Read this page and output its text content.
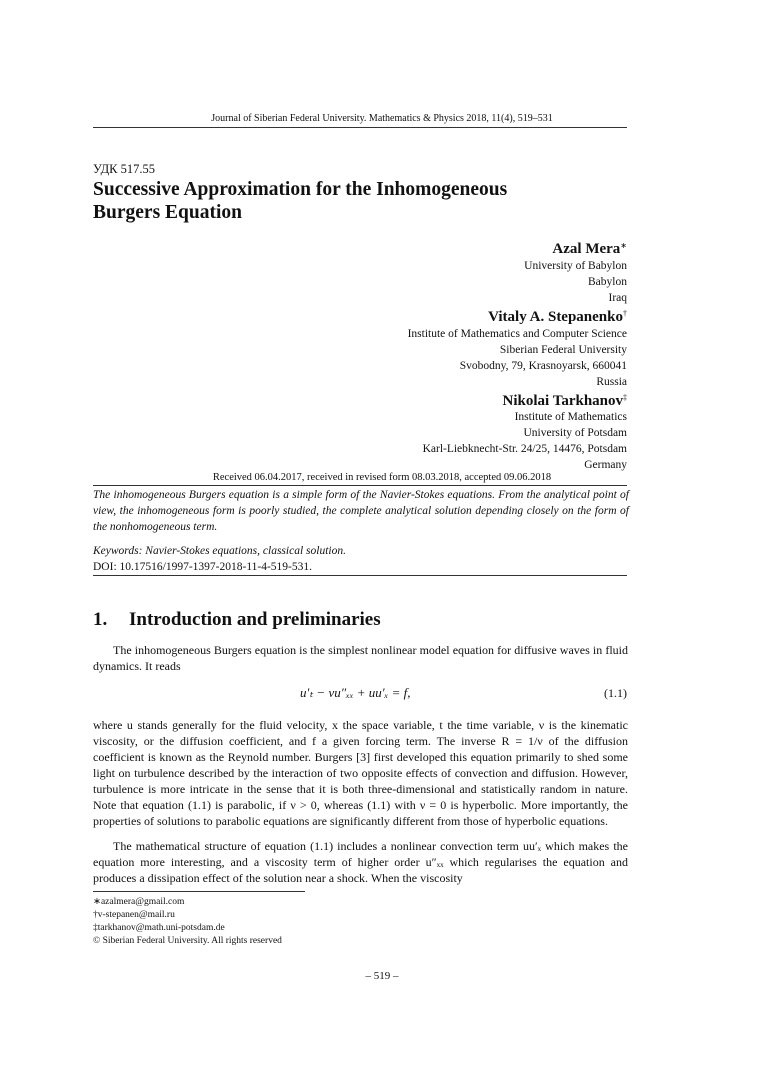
Journal of Siberian Federal University. Mathematics & Physics 2018, 11(4), 519–531
УДК 517.55
Successive Approximation for the Inhomogeneous
Burgers Equation
Azal Mera∗
University of Babylon
Babylon
Iraq
Vitaly A. Stepanenko†
Institute of Mathematics and Computer Science
Siberian Federal University
Svobodny, 79, Krasnoyarsk, 660041
Russia
Nikolai Tarkhanov‡
Institute of Mathematics
University of Potsdam
Karl-Liebknecht-Str. 24/25, 14476, Potsdam
Germany
Received 06.04.2017, received in revised form 08.03.2018, accepted 09.06.2018
The inhomogeneous Burgers equation is a simple form of the Navier-Stokes equations. From the analytical point of view, the inhomogeneous form is poorly studied, the complete analytical solution depending closely on the form of the nonhomogeneous term.
Keywords: Navier-Stokes equations, classical solution.
DOI: 10.17516/1997-1397-2018-11-4-519-531.
1. Introduction and preliminaries
The inhomogeneous Burgers equation is the simplest nonlinear model equation for diffusive waves in fluid dynamics. It reads
u′ₜ − νu″ₓₓ + uu′ₓ = f,	(1.1)
where u stands generally for the fluid velocity, x the space variable, t the time variable, ν is the kinematic viscosity, or the diffusion coefficient, and f a given forcing term. The inverse R = 1/ν of the diffusion coefficient is known as the Reynold number. Burgers [3] first developed this equation primarily to shed some light on turbulence described by the interaction of two opposite effects of convection and diffusion. However, turbulence is more intricate in the sense that it is both three-dimensional and statistically random in nature. Note that equation (1.1) is parabolic, if ν > 0, whereas (1.1) with ν = 0 is hyperbolic. More importantly, the properties of solutions to parabolic equations are significantly different from those of hyperbolic equations.
The mathematical structure of equation (1.1) includes a nonlinear convection term uu′ₓ which makes the equation more interesting, and a viscosity term of higher order u″ₓₓ which regularises the equation and produces a dissipation effect of the solution near a shock. When the viscosity
∗azalmera@gmail.com
†v-stepanen@mail.ru
‡tarkhanov@math.uni-potsdam.de
© Siberian Federal University. All rights reserved
– 519 –
